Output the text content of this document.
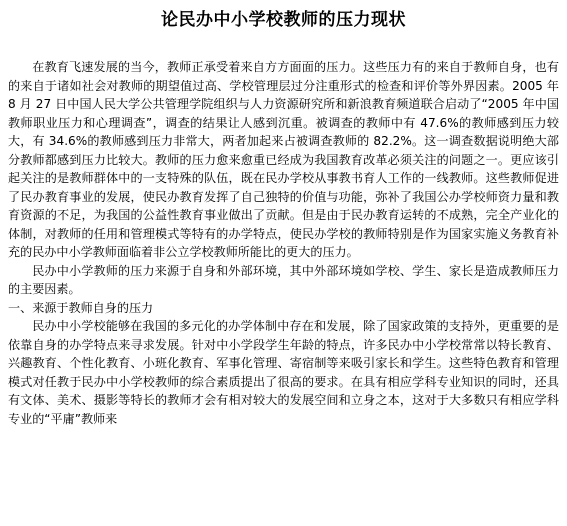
论民办中小学校教师的压力现状

在教育飞速发展的当今，教师正承受着来自方方面面的压力。这些压力有的来自于教师自身，也有的来自于诸如社会对教师的期望值过高、学校管理层过分注重形式的检查和评价等外界因素。2005 年 8 月 27 日中国人民大学公共管理学院组织与人力资源研究所和新浪教育频道联合启动了“2005 年中国教师职业压力和心理调查”，调查的结果让人感到沉重。被调查的教师中有 47.6%的教师感到压力较大，有 34.6%的教师感到压力非常大，两者加起来占被调查教师的 82.2%。这一调查数据说明绝大部分教师都感到压力比较大。教师的压力愈来愈重已经成为我国教育改革必须关注的问题之一。更应该引起关注的是教师群体中的一支特殊的队伍，既在民办学校从事教书育人工作的一线教师。这些教师促进了民办教育事业的发展，使民办教育发挥了自己独特的价值与功能，弥补了我国公办学校师资力量和教育资源的不足，为我国的公益性教育事业做出了贡献。但是由于民办教育运转的不成熟，完全产业化的体制，对教师的任用和管理模式等特有的办学特点，使民办学校的教师特别是作为国家实施义务教育补充的民办中小学教师面临着非公立学校教师所能比的更大的压力。

民办中小学教师的压力来源于自身和外部环境，其中外部环境如学校、学生、家长是造成教师压力的主要因素。

一、来源于教师自身的压力

民办中小学校能够在我国的多元化的办学体制中存在和发展，除了国家政策的支持外，更重要的是依靠自身的办学特点来寻求发展。针对中小学段学生年龄的特点，许多民办中小学校常常以特长教育、兴趣教育、个性化教育、小班化教育、军事化管理、寄宿制等来吸引家长和学生。这些特色教育和管理模式对任教于民办中小学校教师的综合素质提出了很高的要求。在具有相应学科专业知识的同时，还具有文体、美术、摄影等特长的教师才会有相对较大的发展空间和立身之本，这对于大多数只有相应学科专业的“平庸”教师来
